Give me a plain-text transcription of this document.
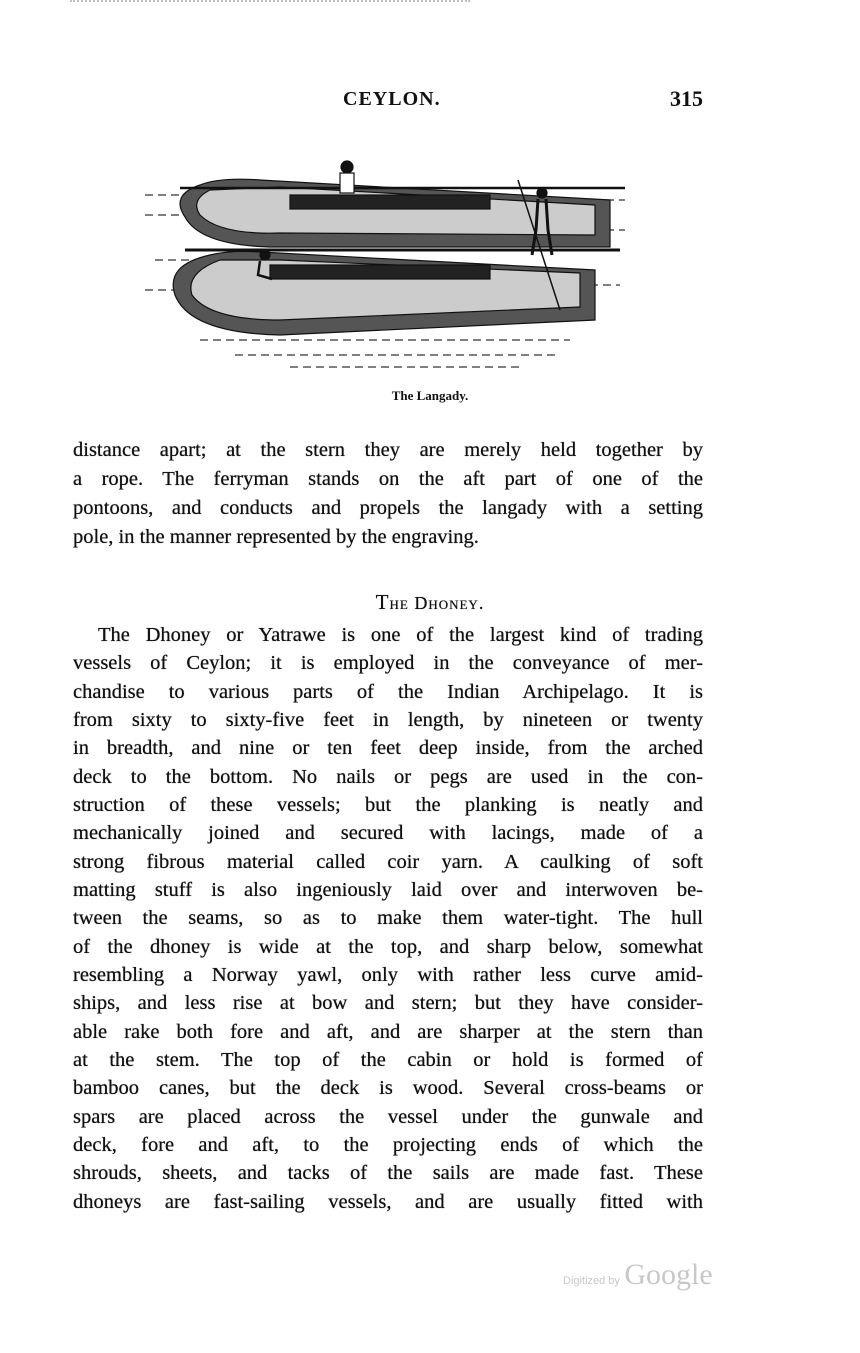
CEYLON.	315
The Langady.
distance apart; at the stern they are merely held together by
a rope. The ferryman stands on the aft part of one of the
pontoons, and conducts and propels the langady with a setting
pole, in the manner represented by the engraving.
The Dhoney.
The Dhoney or Yatrawe is one of the largest kind of trading
vessels of Ceylon; it is employed in the conveyance of mer-
chandise to various parts of the Indian Archipelago. It is
from sixty to sixty-five feet in length, by nineteen or twenty
in breadth, and nine or ten feet deep inside, from the arched
deck to the bottom. No nails or pegs are used in the con-
struction of these vessels; but the planking is neatly and
mechanically joined and secured with lacings, made of a
strong fibrous material called coir yarn. A caulking of soft
matting stuff is also ingeniously laid over and interwoven be-
tween the seams, so as to make them water-tight. The hull
of the dhoney is wide at the top, and sharp below, somewhat
resembling a Norway yawl, only with rather less curve amid-
ships, and less rise at bow and stern; but they have consider-
able rake both fore and aft, and are sharper at the stern than
at the stem. The top of the cabin or hold is formed of
bamboo canes, but the deck is wood. Several cross-beams or
spars are placed across the vessel under the gunwale and
deck, fore and aft, to the projecting ends of which the
shrouds, sheets, and tacks of the sails are made fast. These
dhoneys are fast-sailing vessels, and are usually fitted with
Digitized by Google
